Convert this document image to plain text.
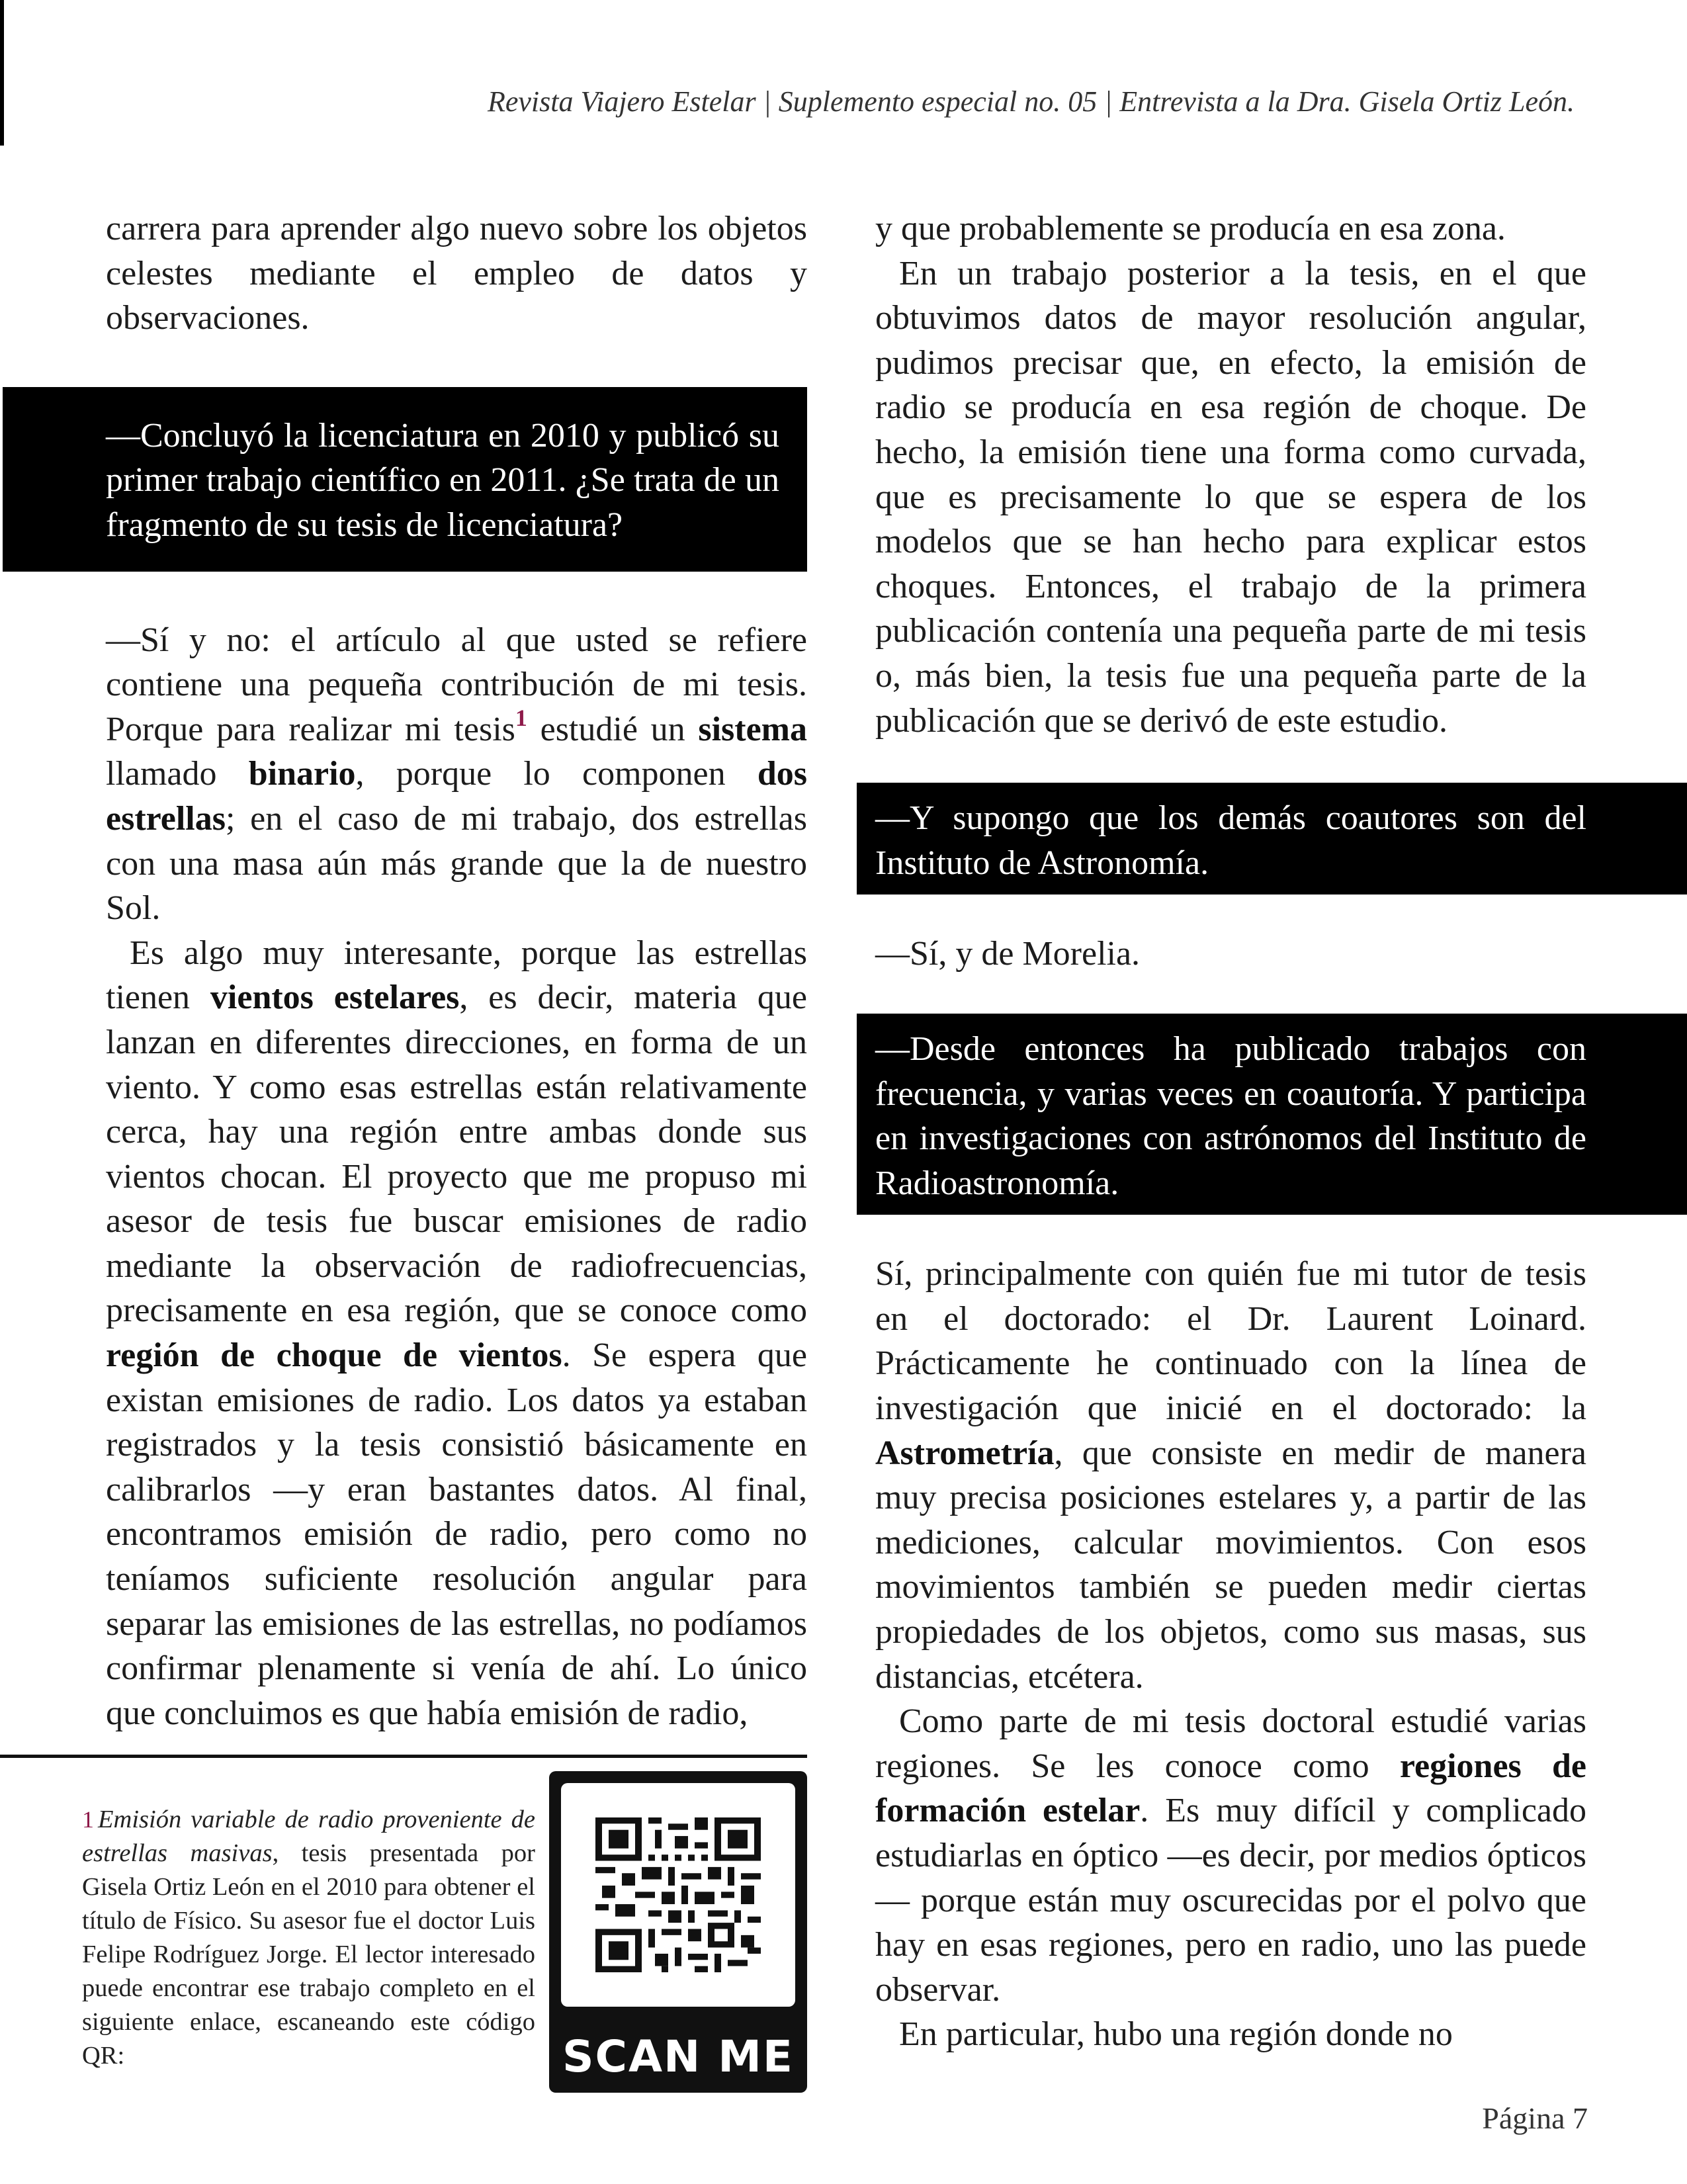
Revista Viajero Estelar | Suplemento especial no. 05 | Entrevista a la Dra. Gisela Ortiz León.

carrera para aprender algo nuevo sobre los objetos celestes mediante el empleo de datos y observaciones.

—Concluyó la licenciatura en 2010 y publicó su primer trabajo científico en 2011. ¿Se trata de un fragmento de su tesis de licenciatura?

—Sí y no: el artículo al que usted se refiere contiene una pequeña contribución de mi tesis. Porque para realizar mi tesis$^1$ estudié un sistema llamado binario, porque lo componen dos estrellas; en el caso de mi trabajo, dos estrellas con una masa aún más grande que la de nuestro Sol.

Es algo muy interesante, porque las estrellas tienen vientos estelares, es decir, materia que lanzan en diferentes direcciones, en forma de un viento. Y como esas estrellas están relativamente cerca, hay una región entre ambas donde sus vientos chocan. El proyecto que me propuso mi asesor de tesis fue buscar emisiones de radio mediante la observación de radiofrecuencias, precisamente en esa región, que se conoce como región de choque de vientos. Se espera que existan emisiones de radio. Los datos ya estaban registrados y la tesis consistió básicamente en calibrarlos —y eran bastantes datos. Al final, encontramos emisión de radio, pero como no teníamos suficiente resolución angular para separar las emisiones de las estrellas, no podíamos confirmar plenamente si venía de ahí. Lo único que concluimos es que había emisión de radio,

y que probablemente se producía en esa zona.

En un trabajo posterior a la tesis, en el que obtuvimos datos de mayor resolución angular, pudimos precisar que, en efecto, la emisión de radio se producía en esa región de choque. De hecho, la emisión tiene una forma como curvada, que es precisamente lo que se espera de los modelos que se han hecho para explicar estos choques. Entonces, el trabajo de la primera publicación contenía una pequeña parte de mi tesis o, más bien, la tesis fue una pequeña parte de la publicación que se derivó de este estudio.

—Y supongo que los demás coautores son del Instituto de Astronomía.

—Sí, y de Morelia.

—Desde entonces ha publicado trabajos con frecuencia, y varias veces en coautoría. Y participa en investigaciones con astrónomos del Instituto de Radioastronomía.

Sí, principalmente con quién fue mi tutor de tesis en el doctorado: el Dr. Laurent Loinard. Prácticamente he continuado con la línea de investigación que inicié en el doctorado: la Astrometría, que consiste en medir de manera muy precisa posiciones estelares y, a partir de las mediciones, calcular movimientos. Con esos movimientos también se pueden medir ciertas propiedades de los objetos, como sus masas, sus distancias, etcétera.

Como parte de mi tesis doctoral estudié varias regiones. Se les conoce como regiones de formación estelar. Es muy difícil y complicado estudiarlas en óptico —es decir, por medios ópticos— porque están muy oscurecidas por el polvo que hay en esas regiones, pero en radio, uno las puede observar.

En particular, hubo una región donde no

1 Emisión variable de radio proveniente de estrellas masivas, tesis presentada por Gisela Ortiz León en el 2010 para obtener el título de Físico. Su asesor fue el doctor Luis Felipe Rodríguez Jorge. El lector interesado puede encontrar ese trabajo completo en el siguiente enlace, escaneando este código QR:	SCAN ME

Página 7
